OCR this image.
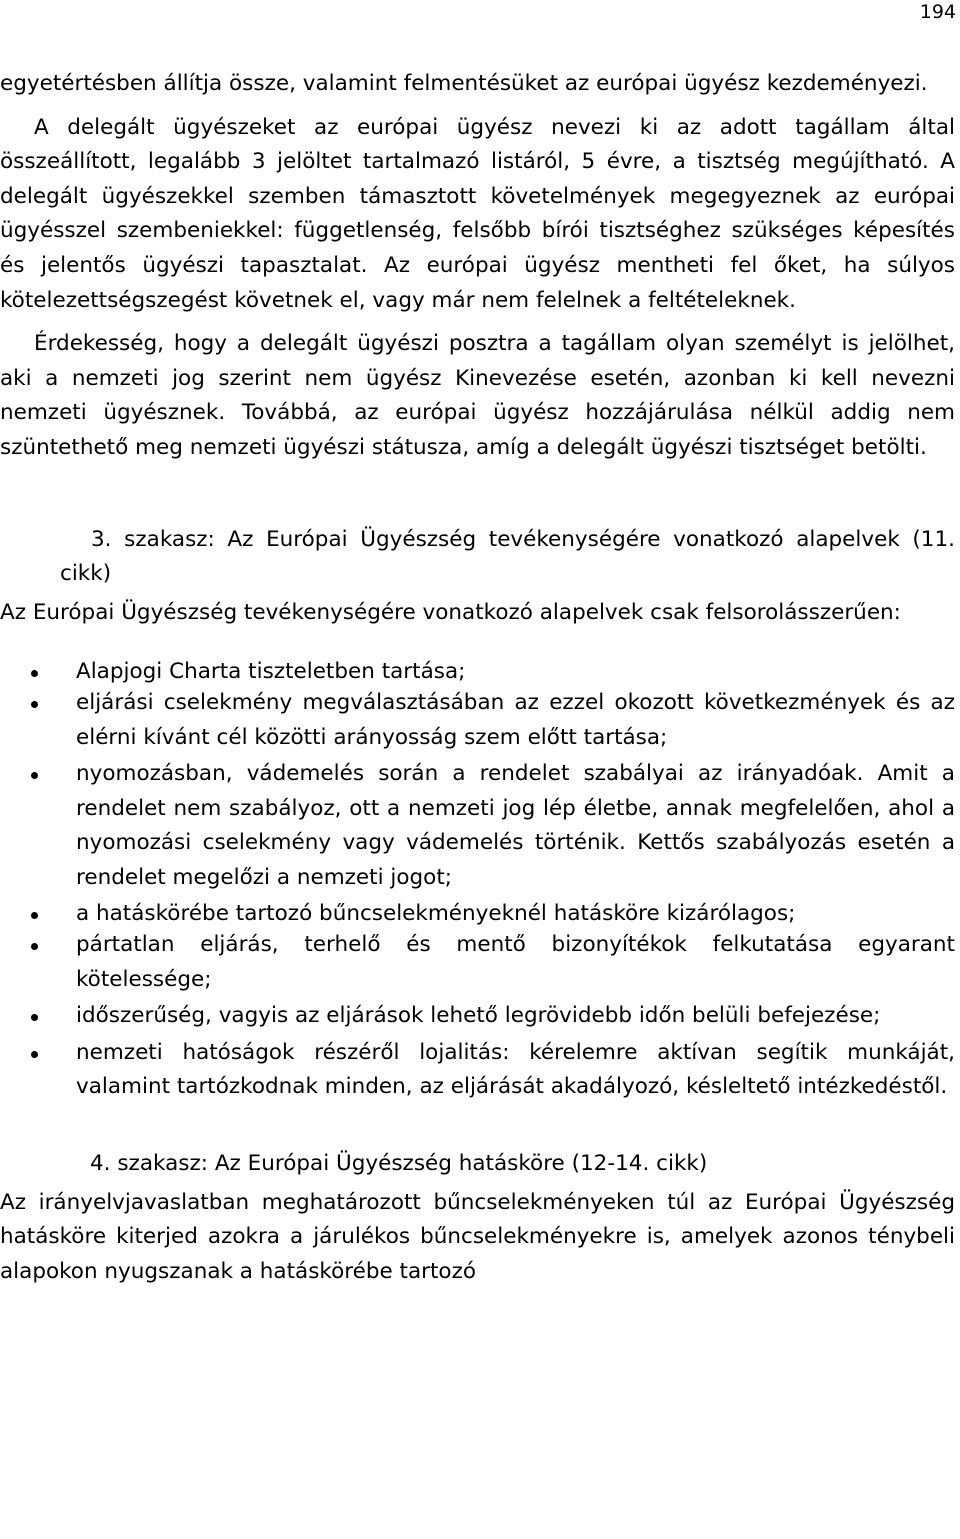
194

egyetértésben állítja össze, valamint felmentésüket az európai ügyész kezdeményezi.

A delegált ügyészeket az európai ügyész nevezi ki az adott tagállam által összeállított, legalább 3 jelöltet tartalmazó listáról, 5 évre, a tisztség megújítható. A delegált ügyészekkel szemben támasztott követelmények megegyeznek az európai ügyésszel szembeniekkel: függetlenség, felsőbb bírói tisztséghez szükséges képesítés és jelentős ügyészi tapasztalat. Az európai ügyész mentheti fel őket, ha súlyos kötelezettségszegést követnek el, vagy már nem felelnek a feltételeknek.

Érdekesség, hogy a delegált ügyészi posztra a tagállam olyan személyt is jelölhet, aki a nemzeti jog szerint nem ügyész Kinevezése esetén, azonban ki kell nevezni nemzeti ügyésznek. Továbbá, az európai ügyész hozzájárulása nélkül addig nem szüntethető meg nemzeti ügyészi státusza, amíg a delegált ügyészi tisztséget betölti.

3. szakasz: Az Európai Ügyészség tevékenységére vonatkozó alapelvek (11. cikk)

Az Európai Ügyészség tevékenységére vonatkozó alapelvek csak felsorolásszerűen:

Alapjogi Charta tiszteletben tartása;
eljárási cselekmény megválasztásában az ezzel okozott következmények és az elérni kívánt cél közötti arányosság szem előtt tartása;
nyomozásban, vádemelés során a rendelet szabályai az irányadóak. Amit a rendelet nem szabályoz, ott a nemzeti jog lép életbe, annak megfelelően, ahol a nyomozási cselekmény vagy vádemelés történik. Kettős szabályozás esetén a rendelet megelőzi a nemzeti jogot;
a hatáskörébe tartozó bűncselekményeknél hatásköre kizárólagos;
pártatlan eljárás, terhelő és mentő bizonyítékok felkutatása egyarant kötelessége;
időszerűség, vagyis az eljárások lehető legrövidebb időn belüli befejezése;
nemzeti hatóságok részéről lojalitás: kérelemre aktívan segítik munkáját, valamint tartózkodnak minden, az eljárását akadályozó, késleltető intézkedéstől.

4. szakasz: Az Európai Ügyészség hatásköre (12-14. cikk)

Az irányelvjavaslatban meghatározott bűncselekményeken túl az Európai Ügyészség hatásköre kiterjed azokra a járulékos bűncselekményekre is, amelyek azonos ténybeli alapokon nyugszanak a hatáskörébe tartozó
